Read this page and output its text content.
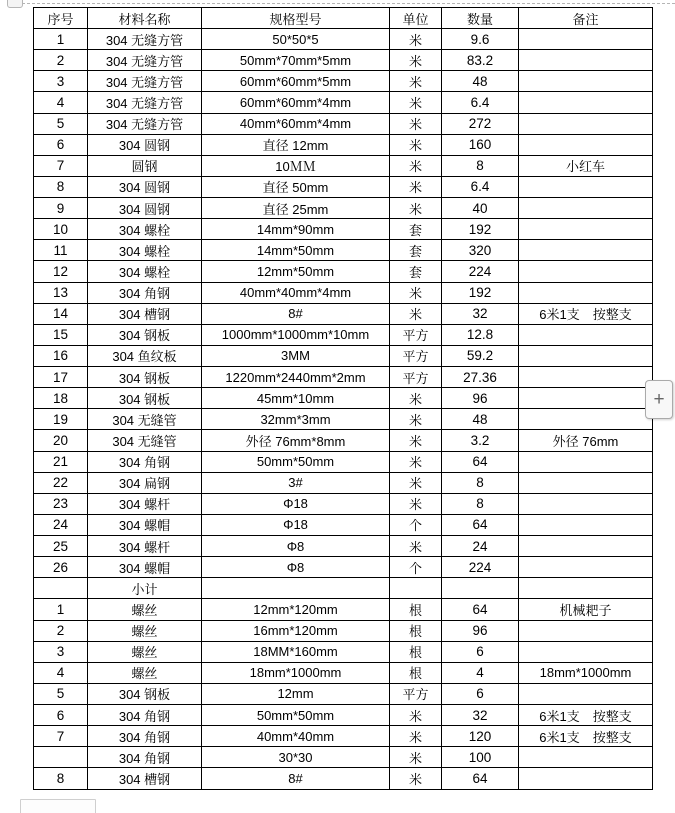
序号	材料名称	规格型号	单位	数量	备注
1	304 无缝方管	50*50*5	米	9.6	
2	304 无缝方管	50mm*70mm*5mm	米	83.2	
3	304 无缝方管	60mm*60mm*5mm	米	48	
4	304 无缝方管	60mm*60mm*4mm	米	6.4	
5	304 无缝方管	40mm*60mm*4mm	米	272	
6	304 圆钢	直径 12mm	米	160	
7	圆钢	10ＭＭ	米	8	小红车
8	304 圆钢	直径 50mm	米	6.4	
9	304 圆钢	直径 25mm	米	40	
10	304 螺栓	14mm*90mm	套	192	
11	304 螺栓	14mm*50mm	套	320	
12	304 螺栓	12mm*50mm	套	224	
13	304 角钢	40mm*40mm*4mm	米	192	
14	304 槽钢	8#	米	32	6米1支　按整支
15	304 钢板	1000mm*1000mm*10mm	平方	12.8	
16	304 鱼纹板	3MM	平方	59.2	
17	304 钢板	1220mm*2440mm*2mm	平方	27.36	
18	304 钢板	45mm*10mm	米	96	
19	304 无缝管	32mm*3mm	米	48	
20	304 无缝管	外径 76mm*8mm	米	3.2	外径 76mm
21	304 角钢	50mm*50mm	米	64	
22	304 扁钢	3#	米	8	
23	304 螺杆	Φ18	米	8	
24	304 螺帽	Φ18	个	64	
25	304 螺杆	Φ8	米	24	
26	304 螺帽	Φ8	个	224	
	小计				
1	螺丝	12mm*120mm	根	64	机械耙子
2	螺丝	16mm*120mm	根	96	
3	螺丝	18MM*160mm	根	6	
4	螺丝	18mm*1000mm	根	4	18mm*1000mm
5	304 钢板	12mm	平方	6	
6	304 角钢	50mm*50mm	米	32	6米1支　按整支
7	304 角钢	40mm*40mm	米	120	6米1支　按整支
	304 角钢	30*30	米	100	
8	304 槽钢	8#	米	64	
+
